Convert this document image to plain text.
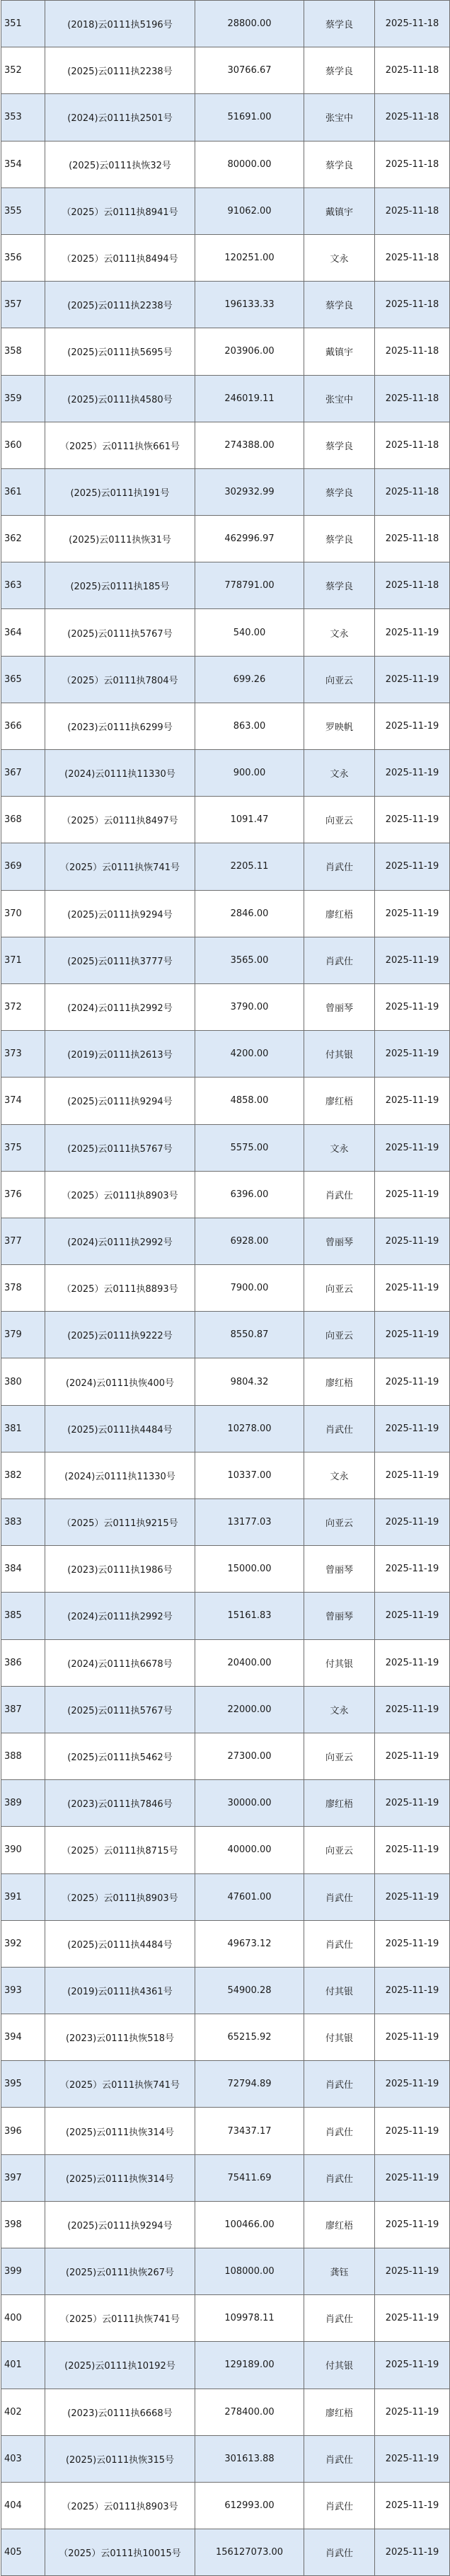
351	(2018)云0111执5196号	28800.00	蔡学良	2025-11-18
352	(2025)云0111执2238号	30766.67	蔡学良	2025-11-18
353	(2024)云0111执2501号	51691.00	张宝中	2025-11-18
354	(2025)云0111执恢32号	80000.00	蔡学良	2025-11-18
355	（2025）云0111执8941号	91062.00	戴镇宇	2025-11-18
356	（2025）云0111执8494号	120251.00	文永	2025-11-18
357	(2025)云0111执2238号	196133.33	蔡学良	2025-11-18
358	(2025)云0111执5695号	203906.00	戴镇宇	2025-11-18
359	(2025)云0111执4580号	246019.11	张宝中	2025-11-18
360	（2025）云0111执恢661号	274388.00	蔡学良	2025-11-18
361	(2025)云0111执191号	302932.99	蔡学良	2025-11-18
362	(2025)云0111执恢31号	462996.97	蔡学良	2025-11-18
363	(2025)云0111执185号	778791.00	蔡学良	2025-11-18
364	(2025)云0111执5767号	540.00	文永	2025-11-19
365	（2025）云0111执7804号	699.26	向亚云	2025-11-19
366	(2023)云0111执6299号	863.00	罗映帆	2025-11-19
367	(2024)云0111执11330号	900.00	文永	2025-11-19
368	（2025）云0111执8497号	1091.47	向亚云	2025-11-19
369	（2025）云0111执恢741号	2205.11	肖武仕	2025-11-19
370	(2025)云0111执9294号	2846.00	廖红梧	2025-11-19
371	(2025)云0111执3777号	3565.00	肖武仕	2025-11-19
372	(2024)云0111执2992号	3790.00	曾丽琴	2025-11-19
373	(2019)云0111执2613号	4200.00	付其银	2025-11-19
374	(2025)云0111执9294号	4858.00	廖红梧	2025-11-19
375	(2025)云0111执5767号	5575.00	文永	2025-11-19
376	（2025）云0111执8903号	6396.00	肖武仕	2025-11-19
377	(2024)云0111执2992号	6928.00	曾丽琴	2025-11-19
378	（2025）云0111执8893号	7900.00	向亚云	2025-11-19
379	(2025)云0111执9222号	8550.87	向亚云	2025-11-19
380	(2024)云0111执恢400号	9804.32	廖红梧	2025-11-19
381	(2025)云0111执4484号	10278.00	肖武仕	2025-11-19
382	(2024)云0111执11330号	10337.00	文永	2025-11-19
383	（2025）云0111执9215号	13177.03	向亚云	2025-11-19
384	(2023)云0111执1986号	15000.00	曾丽琴	2025-11-19
385	(2024)云0111执2992号	15161.83	曾丽琴	2025-11-19
386	(2024)云0111执6678号	20400.00	付其银	2025-11-19
387	(2025)云0111执5767号	22000.00	文永	2025-11-19
388	(2025)云0111执5462号	27300.00	向亚云	2025-11-19
389	(2023)云0111执7846号	30000.00	廖红梧	2025-11-19
390	（2025）云0111执8715号	40000.00	向亚云	2025-11-19
391	（2025）云0111执8903号	47601.00	肖武仕	2025-11-19
392	(2025)云0111执4484号	49673.12	肖武仕	2025-11-19
393	(2019)云0111执4361号	54900.28	付其银	2025-11-19
394	(2023)云0111执恢518号	65215.92	付其银	2025-11-19
395	（2025）云0111执恢741号	72794.89	肖武仕	2025-11-19
396	(2025)云0111执恢314号	73437.17	肖武仕	2025-11-19
397	(2025)云0111执恢314号	75411.69	肖武仕	2025-11-19
398	(2025)云0111执9294号	100466.00	廖红梧	2025-11-19
399	(2025)云0111执恢267号	108000.00	龚钰	2025-11-19
400	（2025）云0111执恢741号	109978.11	肖武仕	2025-11-19
401	(2025)云0111执10192号	129189.00	付其银	2025-11-19
402	(2023)云0111执6668号	278400.00	廖红梧	2025-11-19
403	(2025)云0111执恢315号	301613.88	肖武仕	2025-11-19
404	（2025）云0111执8903号	612993.00	肖武仕	2025-11-19
405	（2025）云0111执10015号	156127073.00	肖武仕	2025-11-19
